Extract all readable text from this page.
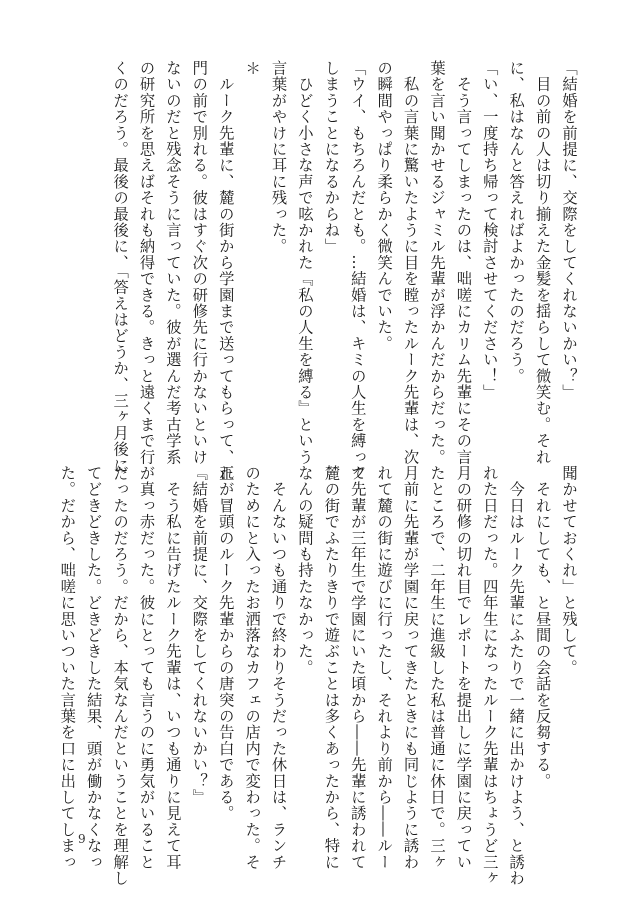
「結婚を前提に、交際をしてくれないかい？」
　目の前の人は切り揃えた金髪を揺らして微笑む。それ
に、私はなんと答えればよかったのだろう。
「い、一度持ち帰って検討させてください！」
　そう言ってしまったのは、咄嗟にカリム先輩にその言
葉を言い聞かせるジャミル先輩が浮かんだからだった。
　私の言葉に驚いたように目を瞠ったルーク先輩は、次
の瞬間やっぱり柔らかく微笑んでいた。
「ウイ、もちろんだとも。…結婚は、キミの人生を縛って
しまうことになるからね」
　ひどく小さな声で呟かれた『私の人生を縛る』という
言葉がやけに耳に残った。
＊
　ルーク先輩に、麓の街から学園まで送ってもらって、正
門の前で別れる。彼はすぐ次の研修先に行かないといけ
ないのだと残念そうに言っていた。彼が選んだ考古学系
の研究所を思えばそれも納得できる。きっと遠くまで行
くのだろう。最後の最後に、「答えはどうか、三ヶ月後に
聞かせておくれ」と残して。
　それにしても、と昼間の会話を反芻する。
　今日はルーク先輩にふたりで一緒に出かけよう、と誘わ
れた日だった。四年生になったルーク先輩はちょうど三ヶ
月の研修の切れ目でレポートを提出しに学園に戻ってい
たところで、二年生に進級した私は普通に休日で。三ヶ
月前に先輩が学園に戻ってきたときにも同じように誘わ
れて麓の街に遊びに行ったし、それより前から――ルー
ク先輩が三年生で学園にいた頃から――先輩に誘われて
麓の街でふたりきりで遊ぶことは多くあったから、特に
なんの疑問も持たなかった。
　そんないつも通りで終わりそうだった休日は、ランチ
のためにと入ったお洒落なカフェの店内で変わった。そ
れが冒頭のルーク先輩からの唐突の告白である。
『結婚を前提に、交際をしてくれないかい？』
　そう私に告げたルーク先輩は、いつも通りに見えて耳
が真っ赤だった。彼にとっても言うのに勇気がいること
だったのだろう。だから、本気なんだということを理解し
てどきどきした。どきどきした結果、頭が働かなくなっ
た。だから、咄嗟に思いついた言葉を口に出してしまっ 9
